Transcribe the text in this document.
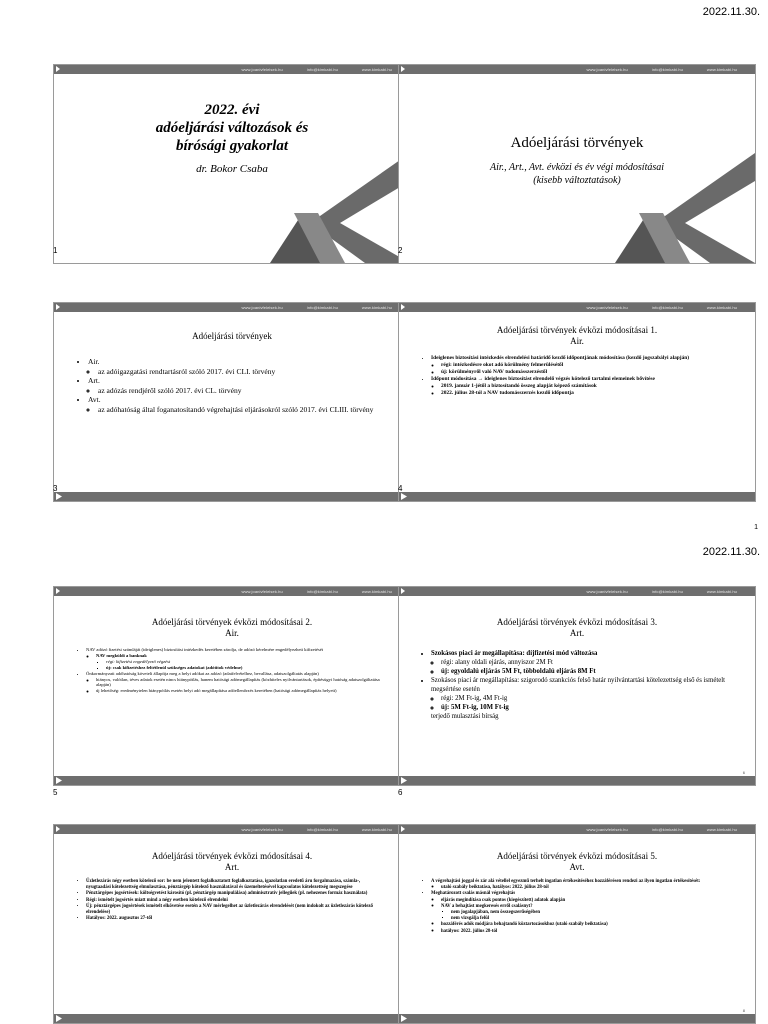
2022.11.30.
1
2022.11.30.
www.joanivfelelsek.hu	info@kimkabi.hu	www.kimkabi.hu
2022. évi
adóeljárási változások és
bírósági gyakorlat
dr. Bokor Csaba
1
www.joanivfelelsek.hu	info@kimkabi.hu	www.kimkabi.hu
Adóeljárási törvények
Air., Art., Avt. évközi és év végi módosításai
(kisebb változtatások)
2
www.joanivfelelsek.hu	info@kimkabi.hu	www.kimkabi.hu
Adóeljárási törvények
• Air.
◦ az adóigazgatási rendtartásról szóló 2017. évi CLI. törvény
• Art.
◦ az adózás rendjéről szóló 2017. évi CL. törvény
• Avt.
◦ az adóhatóság által foganatosítandó végrehajtási eljárásokról szóló 2017. évi CLIII. törvény
3
www.joanivfelelsek.hu	info@kimkabi.hu	www.kimkabi.hu
Adóeljárási törvények évközi módosításai 1.
Air.
• Ideiglenes biztosítási intézkedés elrendelési határidő kezdő időpontjának módosítása (kezdő jogszabályi alapján)
◦ régi: intézkedésre okot adó körülmény felmerülésétől
◦ új: körülményről való NAV tudomásszerzéstől
• Időpont módosítása → ideiglenes biztosítást elrendelő végzés kötelező tartalmi elemeinek bővítése
◦ 2019. január 1-jétől a biztosítandó összeg alapját képező számítások
◦ 2022. július 28-tól a NAV tudomásszerzés kezdő időpontja
4
www.joanivfelelsek.hu	info@kimkabi.hu	www.kimkabi.hu
Adóeljárási törvények évközi módosításai 2.
Air.
• NAV adózó fizetési számláját (ideiglenes) biztosítási intézkedés keretében zárolja, de adózó kérelmére engedélyezheti kifizetését
◦ NAV megküldi a banknak
▪ régi: kifizetési engedélyező végzést
▪ új: csak kifizetéshez feltétlenül szükséges adatokat (adótitok védelme)
• Önkormányzati adóhatóság követeli állapítja meg a helyi adókat az adózó (adatfelvételhez, bevallása, adatszolgáltatás alapján)
◦ hiányos, valótlan, téves adatok esetén nincs hiánypótlás, hanem hatósági adómegállapítás (közhiteles nyilvántartások, építésügyi hatóság adatszolgáltatása alapján)
◦ új lehetőség: eredménytelen hiánypótlás esetén helyi adó megállapítása adóellenőrzés keretében (hatósági adómegállapítás helyett)
5
www.joanivfelelsek.hu	info@kimkabi.hu	www.kimkabi.hu
Adóeljárási törvények évközi módosításai 3.
Art.
• Szokásos piaci ár megállapítása: díjfizetési mód változása
◦ régi: alany oldali ejárás, annyiszor 2M Ft
◦ új: egyoldalú eljárás 5M Ft, többoldalú eljárás 8M Ft
• Szokásos piaci ár megállapítása: szigorodó szankciós felső határ nyilvántartási kötelezettség első és ismételt megsértése esetén
◦ régi: 2M Ft-ig, 4M Ft-ig
◦ új: 5M Ft-ig, 10M Ft-ig
terjedő mulasztási bírság
6
6
www.joanivfelelsek.hu	info@kimkabi.hu	www.kimkabi.hu
Adóeljárási törvények évközi módosításai 4.
Art.
• Üzletlezárás négy esetben kötelező sor: be nem jelentett foglalkoztatott foglalkoztatása, igazolatlan eredetű áru forgalmazása, számla-, nyugtaadási kötelezettség elmulasztása, pénztárgép kötelező használatával és üzemeltetésével kapcsolatos kötelezettség megszegése
• Pénztárgépes jogsértések: költségvetést károsító (pl. pénztárgép manipulálása) adminisztratív jellegűek (pl. nehezenes formáz használata)
• Régi: ismételt jogsértés miatt mind a négy esetben kötelező elrendelni
• Új: pénztárgépes jogsértések ismételt elkövetése esetén a NAV mérlegelhet az üzletlezárás elrendelését (nem indokolt az üzletlezárás kötelező elrendelése)
• Hatályos: 2022. augusztus 27-től
www.joanivfelelsek.hu	info@kimkabi.hu	www.kimkabi.hu
Adóeljárási törvények évközi módosításai 5.
Avt.
• A végrehajtási joggal és zár alá vétellel egyezmű terhelt ingatlan értékesítéséhez hozzáférésen rendezi az ilyen ingatlan értékesítését:
◦ utaló szabály beiktatása, hatályos: 2022. július 28-tól
• Meghatározott csalás másnál végrehajtás
◦ eljárás megindítása csak pontos (kiegészített) adatok alapján
◦ NAV a behajtást megkeresés erről csalásnyt?
▪ nem jogalapjában, nem összegszerűségében
▪ nem vizsgálja felül
◦ hozzáférés adók módjára behajtandó köztartozásokhoz (utaló szabály beiktatása)
◦ hatályos: 2022. július 28-tól
8
